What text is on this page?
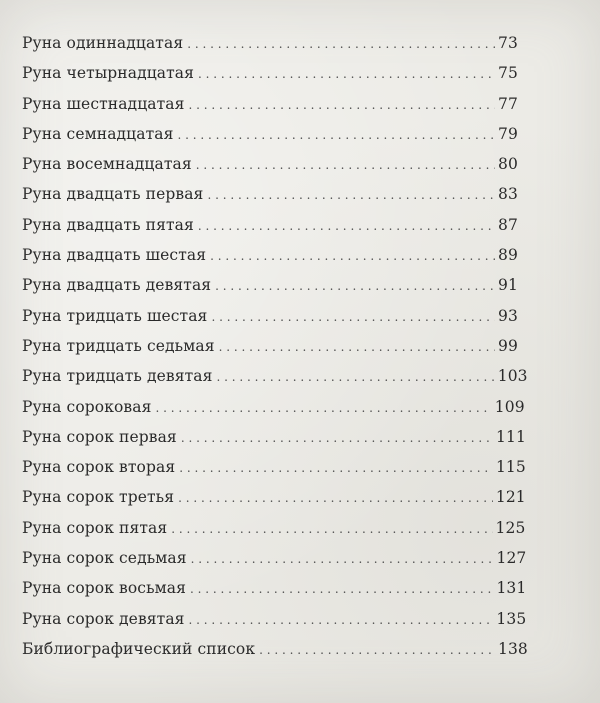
Руна одиннадцатая . . .	73
Руна четырнадцатая . . .	75
Руна шестнадцатая . . .	77
Руна семнадцатая . . .	79
Руна восемнадцатая . . .	80
Руна двадцать первая . . .	83
Руна двадцать пятая . . .	87
Руна двадцать шестая . . .	89
Руна двадцать девятая . . .	91
Руна тридцать шестая . . .	93
Руна тридцать седьмая . . .	99
Руна тридцать девятая . . .	103
Руна сороковая . . .	109
Руна сорок первая . . .	111
Руна сорок вторая . . .	115
Руна сорок третья . . .	121
Руна сорок пятая . . .	125
Руна сорок седьмая . . .	127
Руна сорок восьмая . . .	131
Руна сорок девятая . . .	135
Библиографический список . . .	138
